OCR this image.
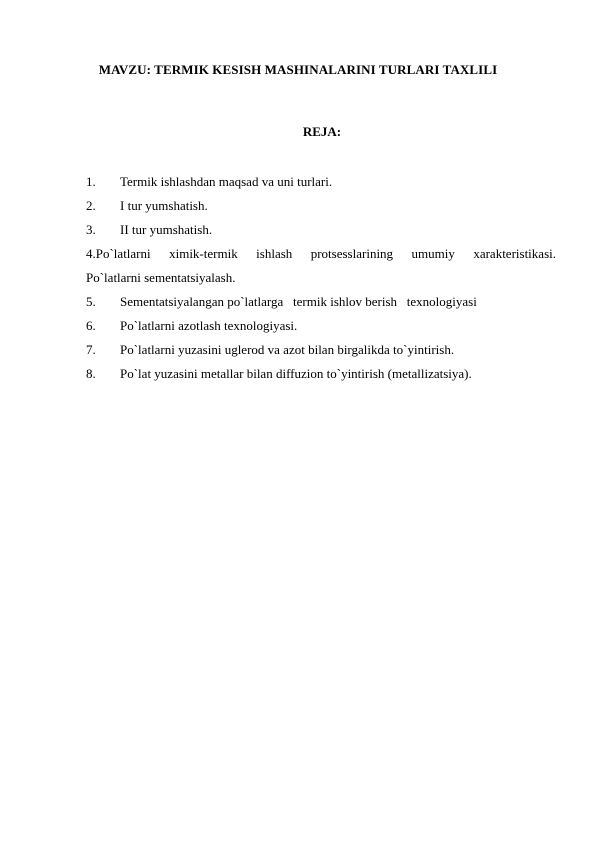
MAVZU: TERMIK KESISH MASHINALARINI TURLARI TAXLILI
REJA:
1. Termik ishlashdan maqsad va uni turlari.
2. I tur yumshatish.
3. II tur yumshatish.
4.Po`latlarni ximik-termik ishlash protsesslarining umumiy xarakteristikasi.
Po`latlarni sementatsiyalash.
5. Sementatsiyalangan po`latlarga   termik ishlov berish   texnologiyasi
6. Po`latlarni azotlash texnologiyasi.
7. Po`latlarni yuzasini uglerod va azot bilan birgalikda to`yintirish.
8. Po`lat yuzasini metallar bilan diffuzion to`yintirish (metallizatsiya).
